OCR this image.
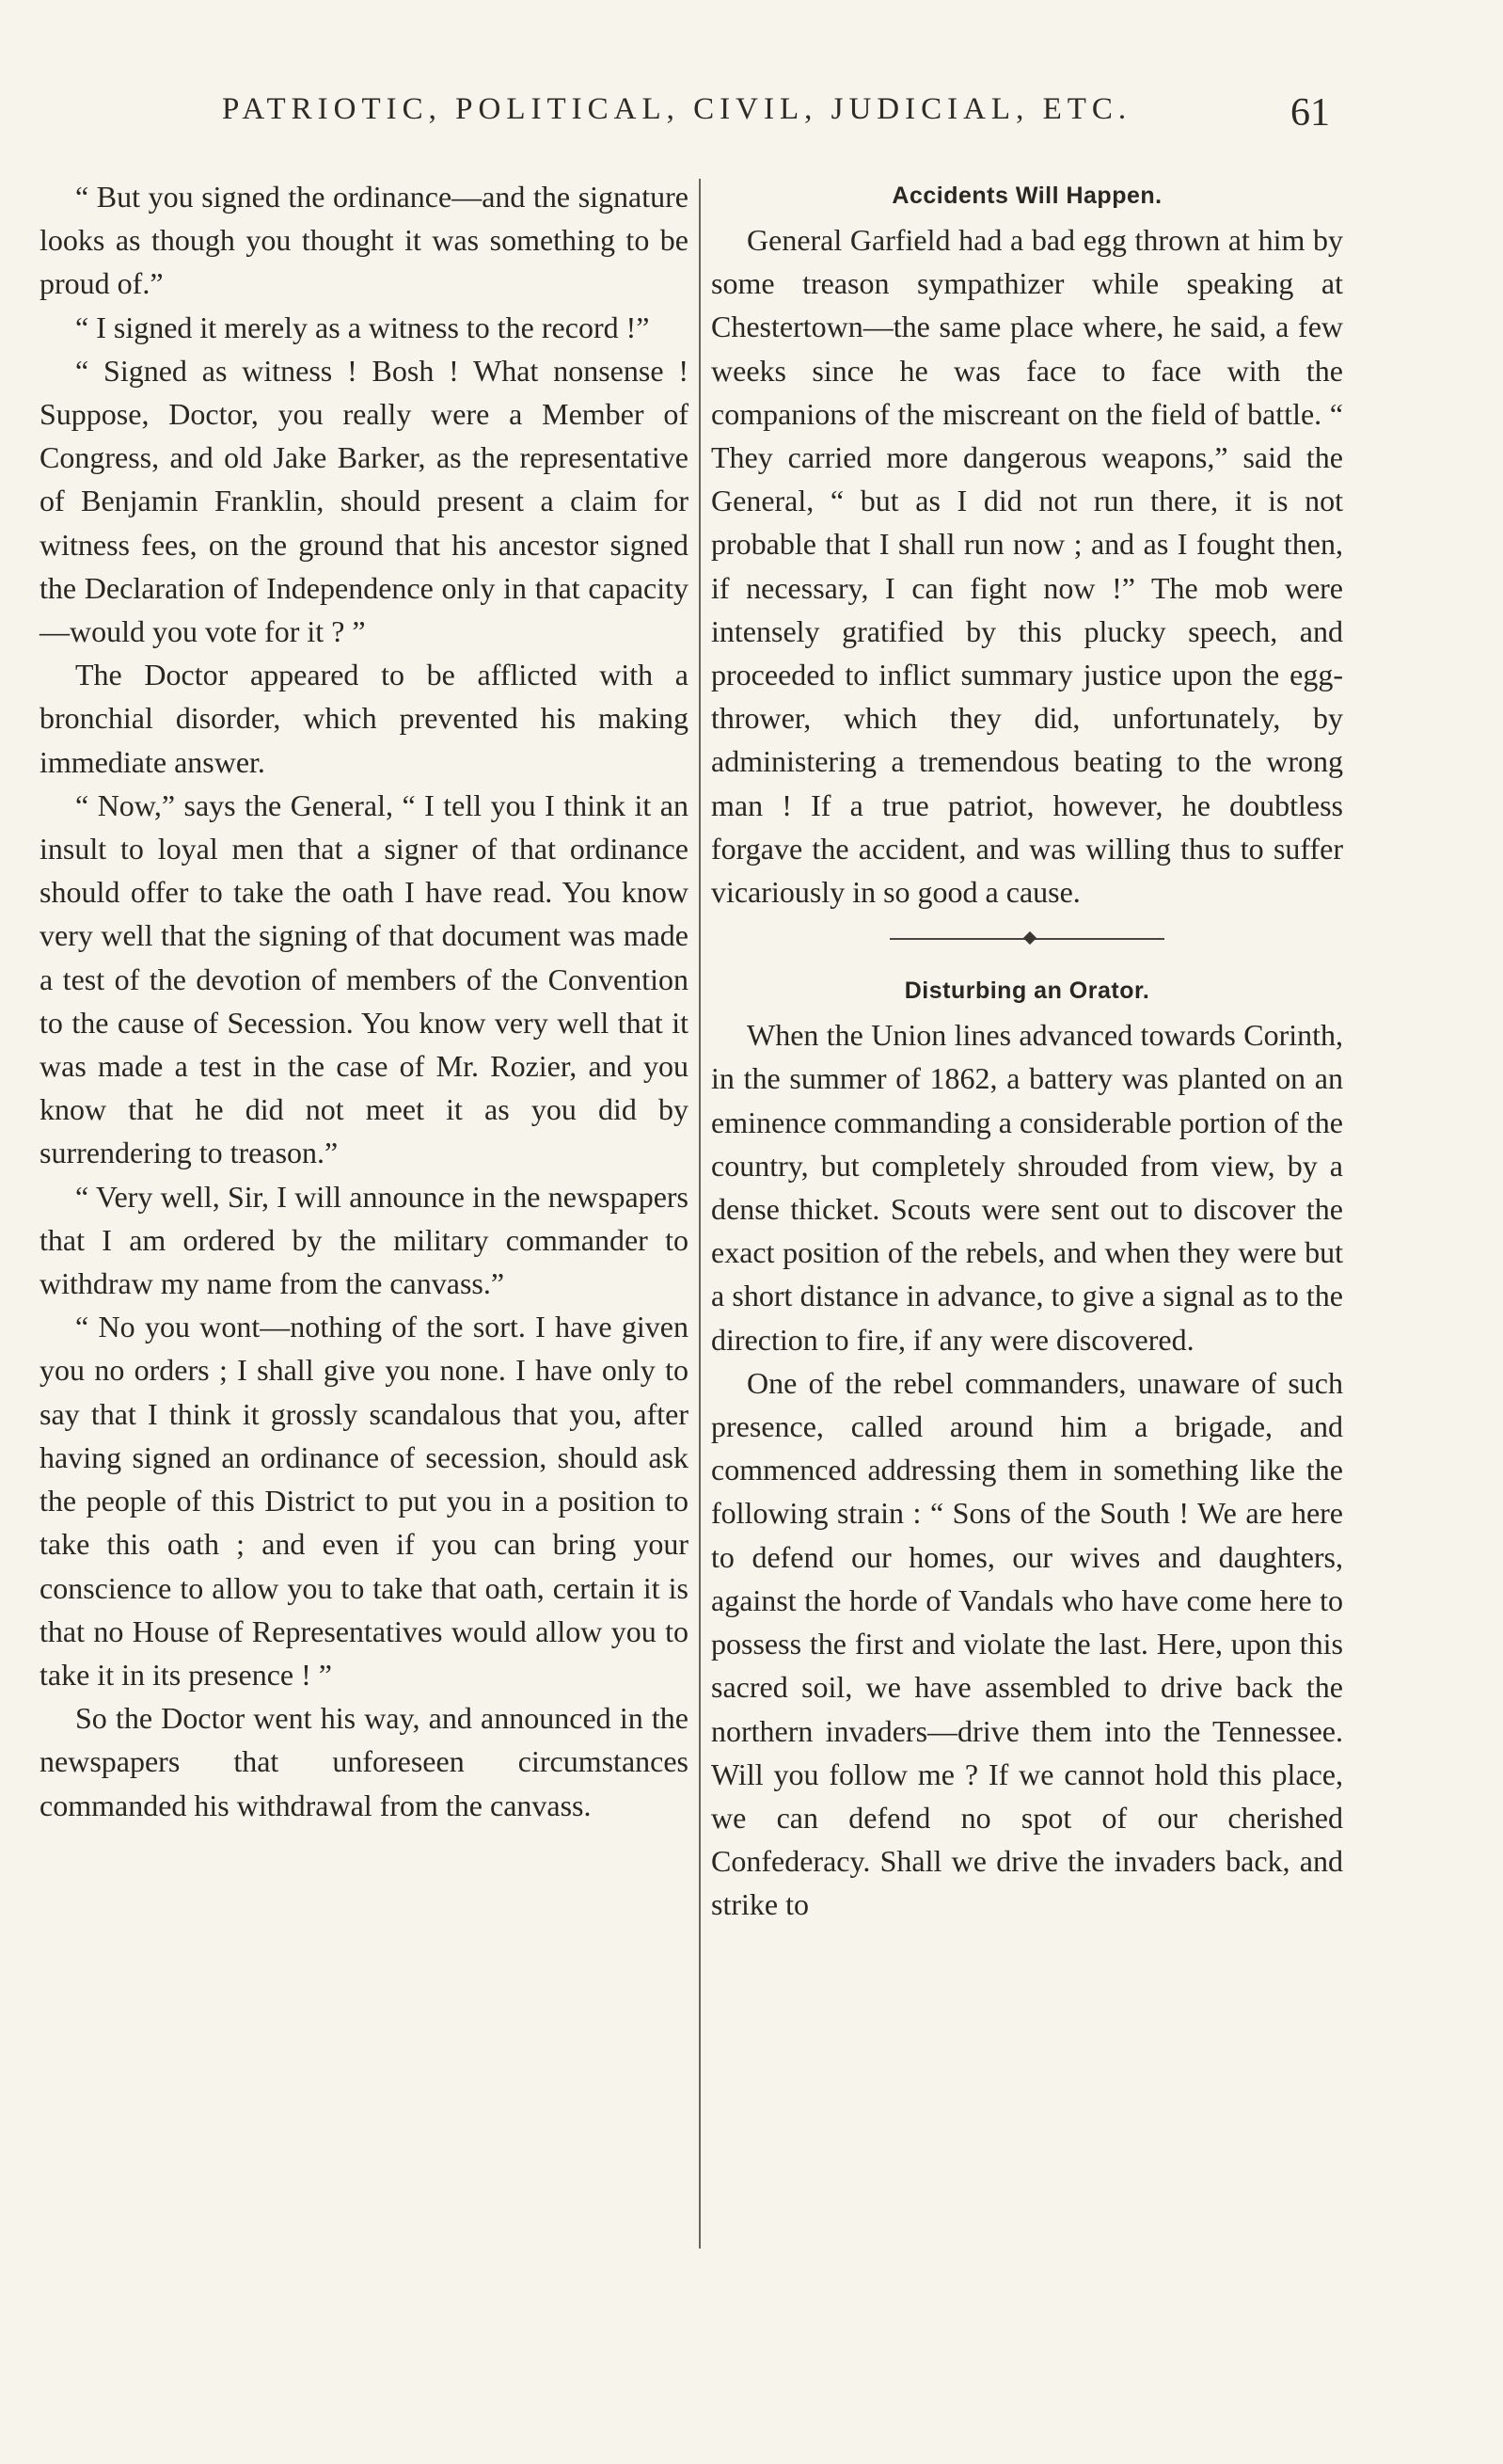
PATRIOTIC, POLITICAL, CIVIL, JUDICIAL, ETC.	61

“ But you signed the ordinance—and the signature looks as though you thought it was something to be proud of.”

“ I signed it merely as a witness to the record !”

“ Signed as witness ! Bosh ! What nonsense ! Suppose, Doctor, you really were a Member of Congress, and old Jake Barker, as the representative of Benjamin Franklin, should present a claim for witness fees, on the ground that his ancestor signed the Declaration of Independence only in that capacity—would you vote for it ? ”

The Doctor appeared to be afflicted with a bronchial disorder, which prevented his making immediate answer.

“ Now,” says the General, “ I tell you I think it an insult to loyal men that a signer of that ordinance should offer to take the oath I have read. You know very well that the signing of that document was made a test of the devotion of members of the Convention to the cause of Secession. You know very well that it was made a test in the case of Mr. Rozier, and you know that he did not meet it as you did by surrendering to treason.”

“ Very well, Sir, I will announce in the newspapers that I am ordered by the military commander to withdraw my name from the canvass.”

“ No you wont—nothing of the sort. I have given you no orders ; I shall give you none. I have only to say that I think it grossly scandalous that you, after having signed an ordinance of secession, should ask the people of this District to put you in a position to take this oath ; and even if you can bring your conscience to allow you to take that oath, certain it is that no House of Representatives would allow you to take it in its presence ! ”

So the Doctor went his way, and announced in the newspapers that unforeseen circumstances commanded his withdrawal from the canvass.

Accidents Will Happen.

General Garfield had a bad egg thrown at him by some treason sympathizer while speaking at Chestertown—the same place where, he said, a few weeks since he was face to face with the companions of the miscreant on the field of battle. “ They carried more dangerous weapons,” said the General, “ but as I did not run there, it is not probable that I shall run now ; and as I fought then, if necessary, I can fight now !” The mob were intensely gratified by this plucky speech, and proceeded to inflict summary justice upon the egg-thrower, which they did, unfortunately, by administering a tremendous beating to the wrong man ! If a true patriot, however, he doubtless forgave the accident, and was willing thus to suffer vicariously in so good a cause.

Disturbing an Orator.

When the Union lines advanced towards Corinth, in the summer of 1862, a battery was planted on an eminence commanding a considerable portion of the country, but completely shrouded from view, by a dense thicket. Scouts were sent out to discover the exact position of the rebels, and when they were but a short distance in advance, to give a signal as to the direction to fire, if any were discovered.

One of the rebel commanders, unaware of such presence, called around him a brigade, and commenced addressing them in something like the following strain : “ Sons of the South ! We are here to defend our homes, our wives and daughters, against the horde of Vandals who have come here to possess the first and violate the last. Here, upon this sacred soil, we have assembled to drive back the northern invaders—drive them into the Tennessee. Will you follow me ? If we cannot hold this place, we can defend no spot of our cherished Confederacy. Shall we drive the invaders back, and strike to
